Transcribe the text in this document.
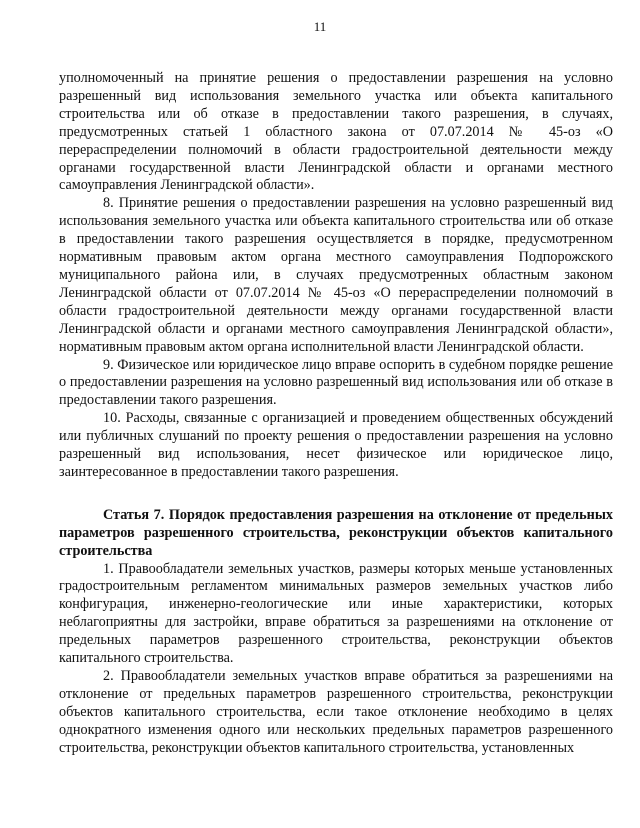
11

уполномоченный на принятие решения о предоставлении разрешения на условно разрешенный вид использования земельного участка или объекта капитального строительства или об отказе в предоставлении такого разрешения, в случаях, предусмотренных статьей 1 областного закона от 07.07.2014 № 45-оз «О перераспределении полномочий в области градостроительной деятельности между органами государственной власти Ленинградской области и органами местного самоуправления Ленинградской области».

8. Принятие решения о предоставлении разрешения на условно разрешенный вид использования земельного участка или объекта капитального строительства или об отказе в предоставлении такого разрешения осуществляется в порядке, предусмотренном нормативным правовым актом органа местного самоуправления Подпорожского муниципального района или, в случаях предусмотренных областным законом Ленинградской области от 07.07.2014 № 45-оз «О перераспределении полномочий в области градостроительной деятельности между органами государственной власти Ленинградской области и органами местного самоуправления Ленинградской области», нормативным правовым актом органа исполнительной власти Ленинградской области.

9. Физическое или юридическое лицо вправе оспорить в судебном порядке решение о предоставлении разрешения на условно разрешенный вид использования или об отказе в предоставлении такого разрешения.

10. Расходы, связанные с организацией и проведением общественных обсуждений или публичных слушаний по проекту решения о предоставлении разрешения на условно разрешенный вид использования, несет физическое или юридическое лицо, заинтересованное в предоставлении такого разрешения.

Статья 7. Порядок предоставления разрешения на отклонение от предельных параметров разрешенного строительства, реконструкции объектов капитального строительства

1. Правообладатели земельных участков, размеры которых меньше установленных градостроительным регламентом минимальных размеров земельных участков либо конфигурация, инженерно-геологические или иные характеристики, которых неблагоприятны для застройки, вправе обратиться за разрешениями на отклонение от предельных параметров разрешенного строительства, реконструкции объектов капитального строительства.

2. Правообладатели земельных участков вправе обратиться за разрешениями на отклонение от предельных параметров разрешенного строительства, реконструкции объектов капитального строительства, если такое отклонение необходимо в целях однократного изменения одного или нескольких предельных параметров разрешенного строительства, реконструкции объектов капитального строительства, установленных
